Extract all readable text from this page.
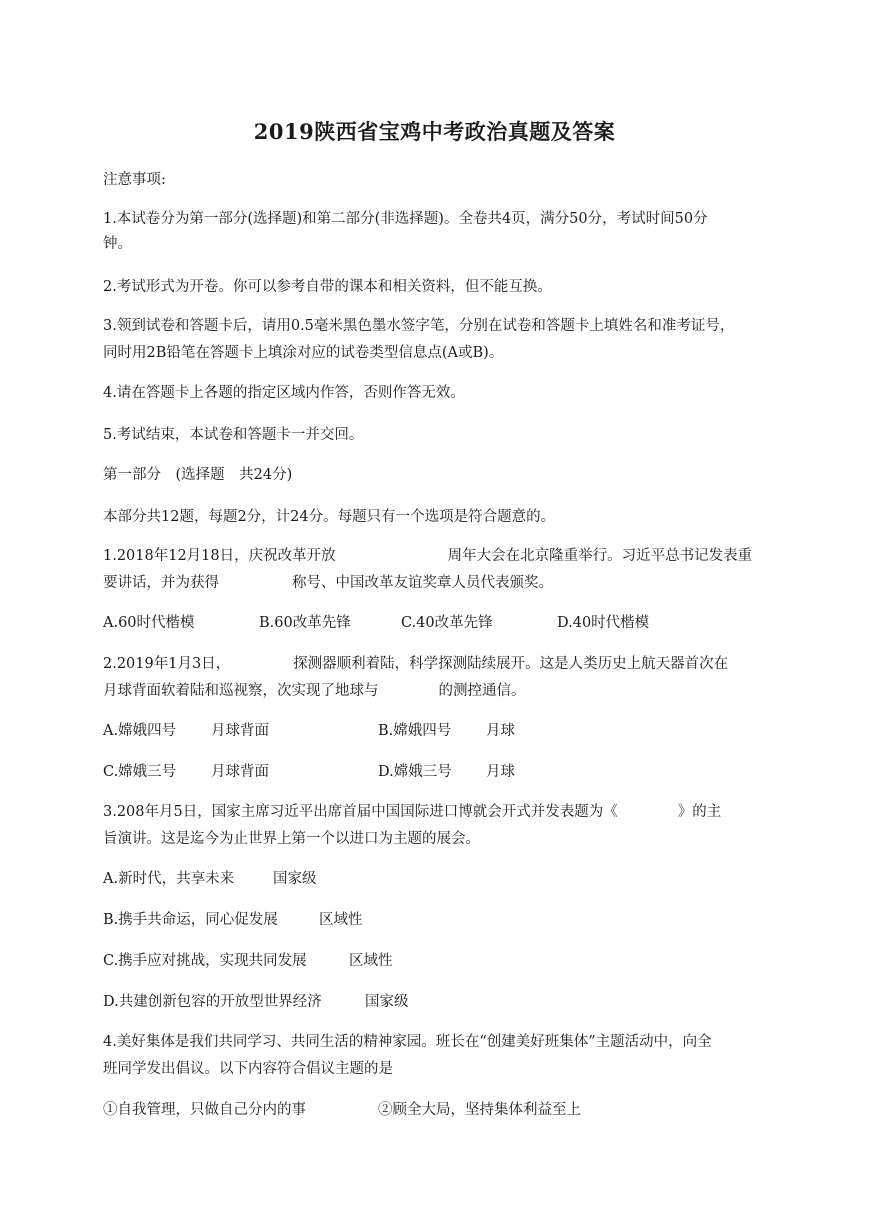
2019陕西省宝鸡中考政治真题及答案
注意事项:
1.本试卷分为第一部分(选择题)和第二部分(非选择题)。全卷共4页，满分50分，考试时间50分
钟。
2.考试形式为开卷。你可以参考自带的课本和相关资料，但不能互换。
3.领到试卷和答题卡后，请用0.5毫米黑色墨水签字笔，分别在试卷和答题卡上填姓名和准考证号，
同时用2B铅笔在答题卡上填涂对应的试卷类型信息点(A或B)。
4.请在答题卡上各题的指定区域内作答，否则作答无效。
5.考试结束，本试卷和答题卡一并交回。
第一部分　(选择题　共24分)
本部分共12题，每题2分，计24分。每题只有一个选项是符合题意的。
1.2018年12月18日，庆祝改革开放	周年大会在北京隆重举行。习近平总书记发表重
要讲话，并为获得	称号、中国改革友谊奖章人员代表颁奖。
A.60时代楷模	B.60改革先锋	C.40改革先锋	D.40时代楷模
2.2019年1月3日，	探测器顺利着陆，科学探测陆续展开。这是人类历史上航天器首次在
月球背面软着陆和巡视察，次实现了地球与	的测控通信。
A.嫦娥四号 月球背面	B.嫦娥四号 月球
C.嫦娥三号 月球背面	D.嫦娥三号 月球
3.208年月5日，国家主席习近平出席首届中国国际进口博就会开式并发表题为《	》的主
旨演讲。这是迄今为止世界上第一个以进口为主题的展会。
A.新时代，共享未来	国家级
B.携手共命运，同心促发展	区域性
C.携手应对挑战，实现共同发展	区域性
D.共建创新包容的开放型世界经济	国家级
4.美好集体是我们共同学习、共同生活的精神家园。班长在“创建美好班集体”主题活动中，向全
班同学发出倡议。以下内容符合倡议主题的是
①自我管理，只做自己分内的事	②顾全大局，坚持集体利益至上
